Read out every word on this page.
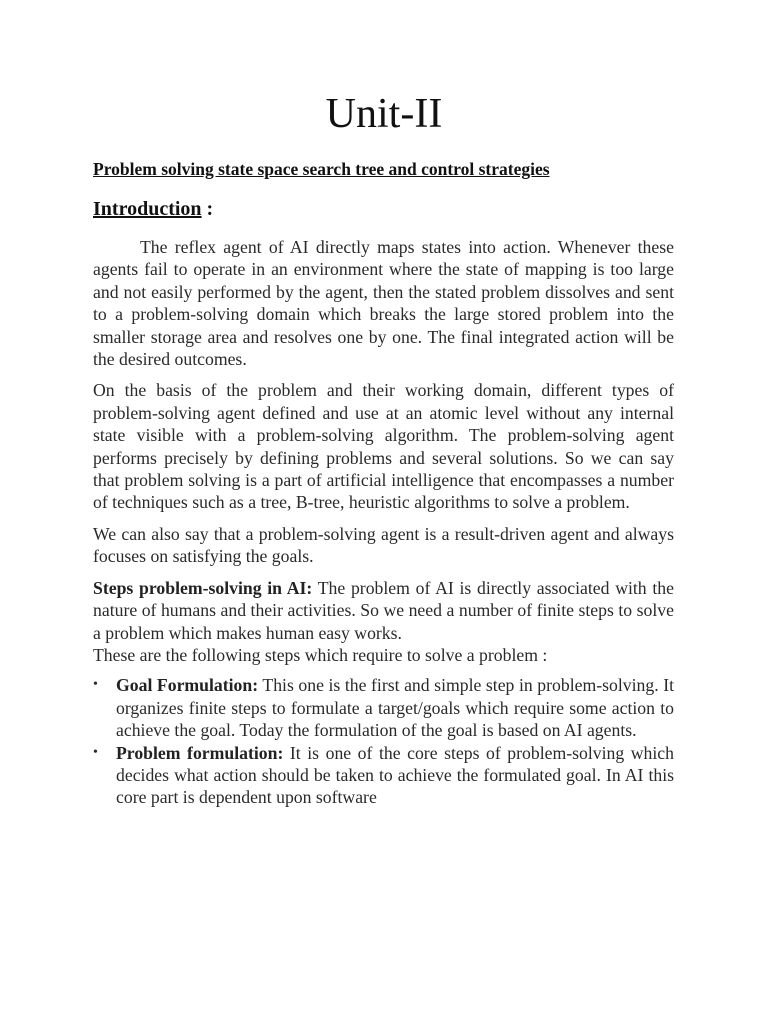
Unit-II
Problem solving state space search tree and control strategies
Introduction :

The reflex agent of AI directly maps states into action. Whenever these agents fail to operate in an environment where the state of mapping is too large and not easily performed by the agent, then the stated problem dissolves and sent to a problem-solving domain which breaks the large stored problem into the smaller storage area and resolves one by one. The final integrated action will be the desired outcomes.

On the basis of the problem and their working domain, different types of problem-solving agent defined and use at an atomic level without any internal state visible with a problem-solving algorithm. The problem-solving agent performs precisely by defining problems and several solutions. So we can say that problem solving is a part of artificial intelligence that encompasses a number of techniques such as a tree, B-tree, heuristic algorithms to solve a problem.

We can also say that a problem-solving agent is a result-driven agent and always focuses on satisfying the goals.

Steps problem-solving in AI: The problem of AI is directly associated with the nature of humans and their activities. So we need a number of finite steps to solve a problem which makes human easy works.

These are the following steps which require to solve a problem :

•	Goal Formulation: This one is the first and simple step in problem-solving. It organizes finite steps to formulate a target/goals which require some action to achieve the goal. Today the formulation of the goal is based on AI agents.
•	Problem formulation: It is one of the core steps of problem-solving which decides what action should be taken to achieve the formulated goal. In AI this core part is dependent upon software
